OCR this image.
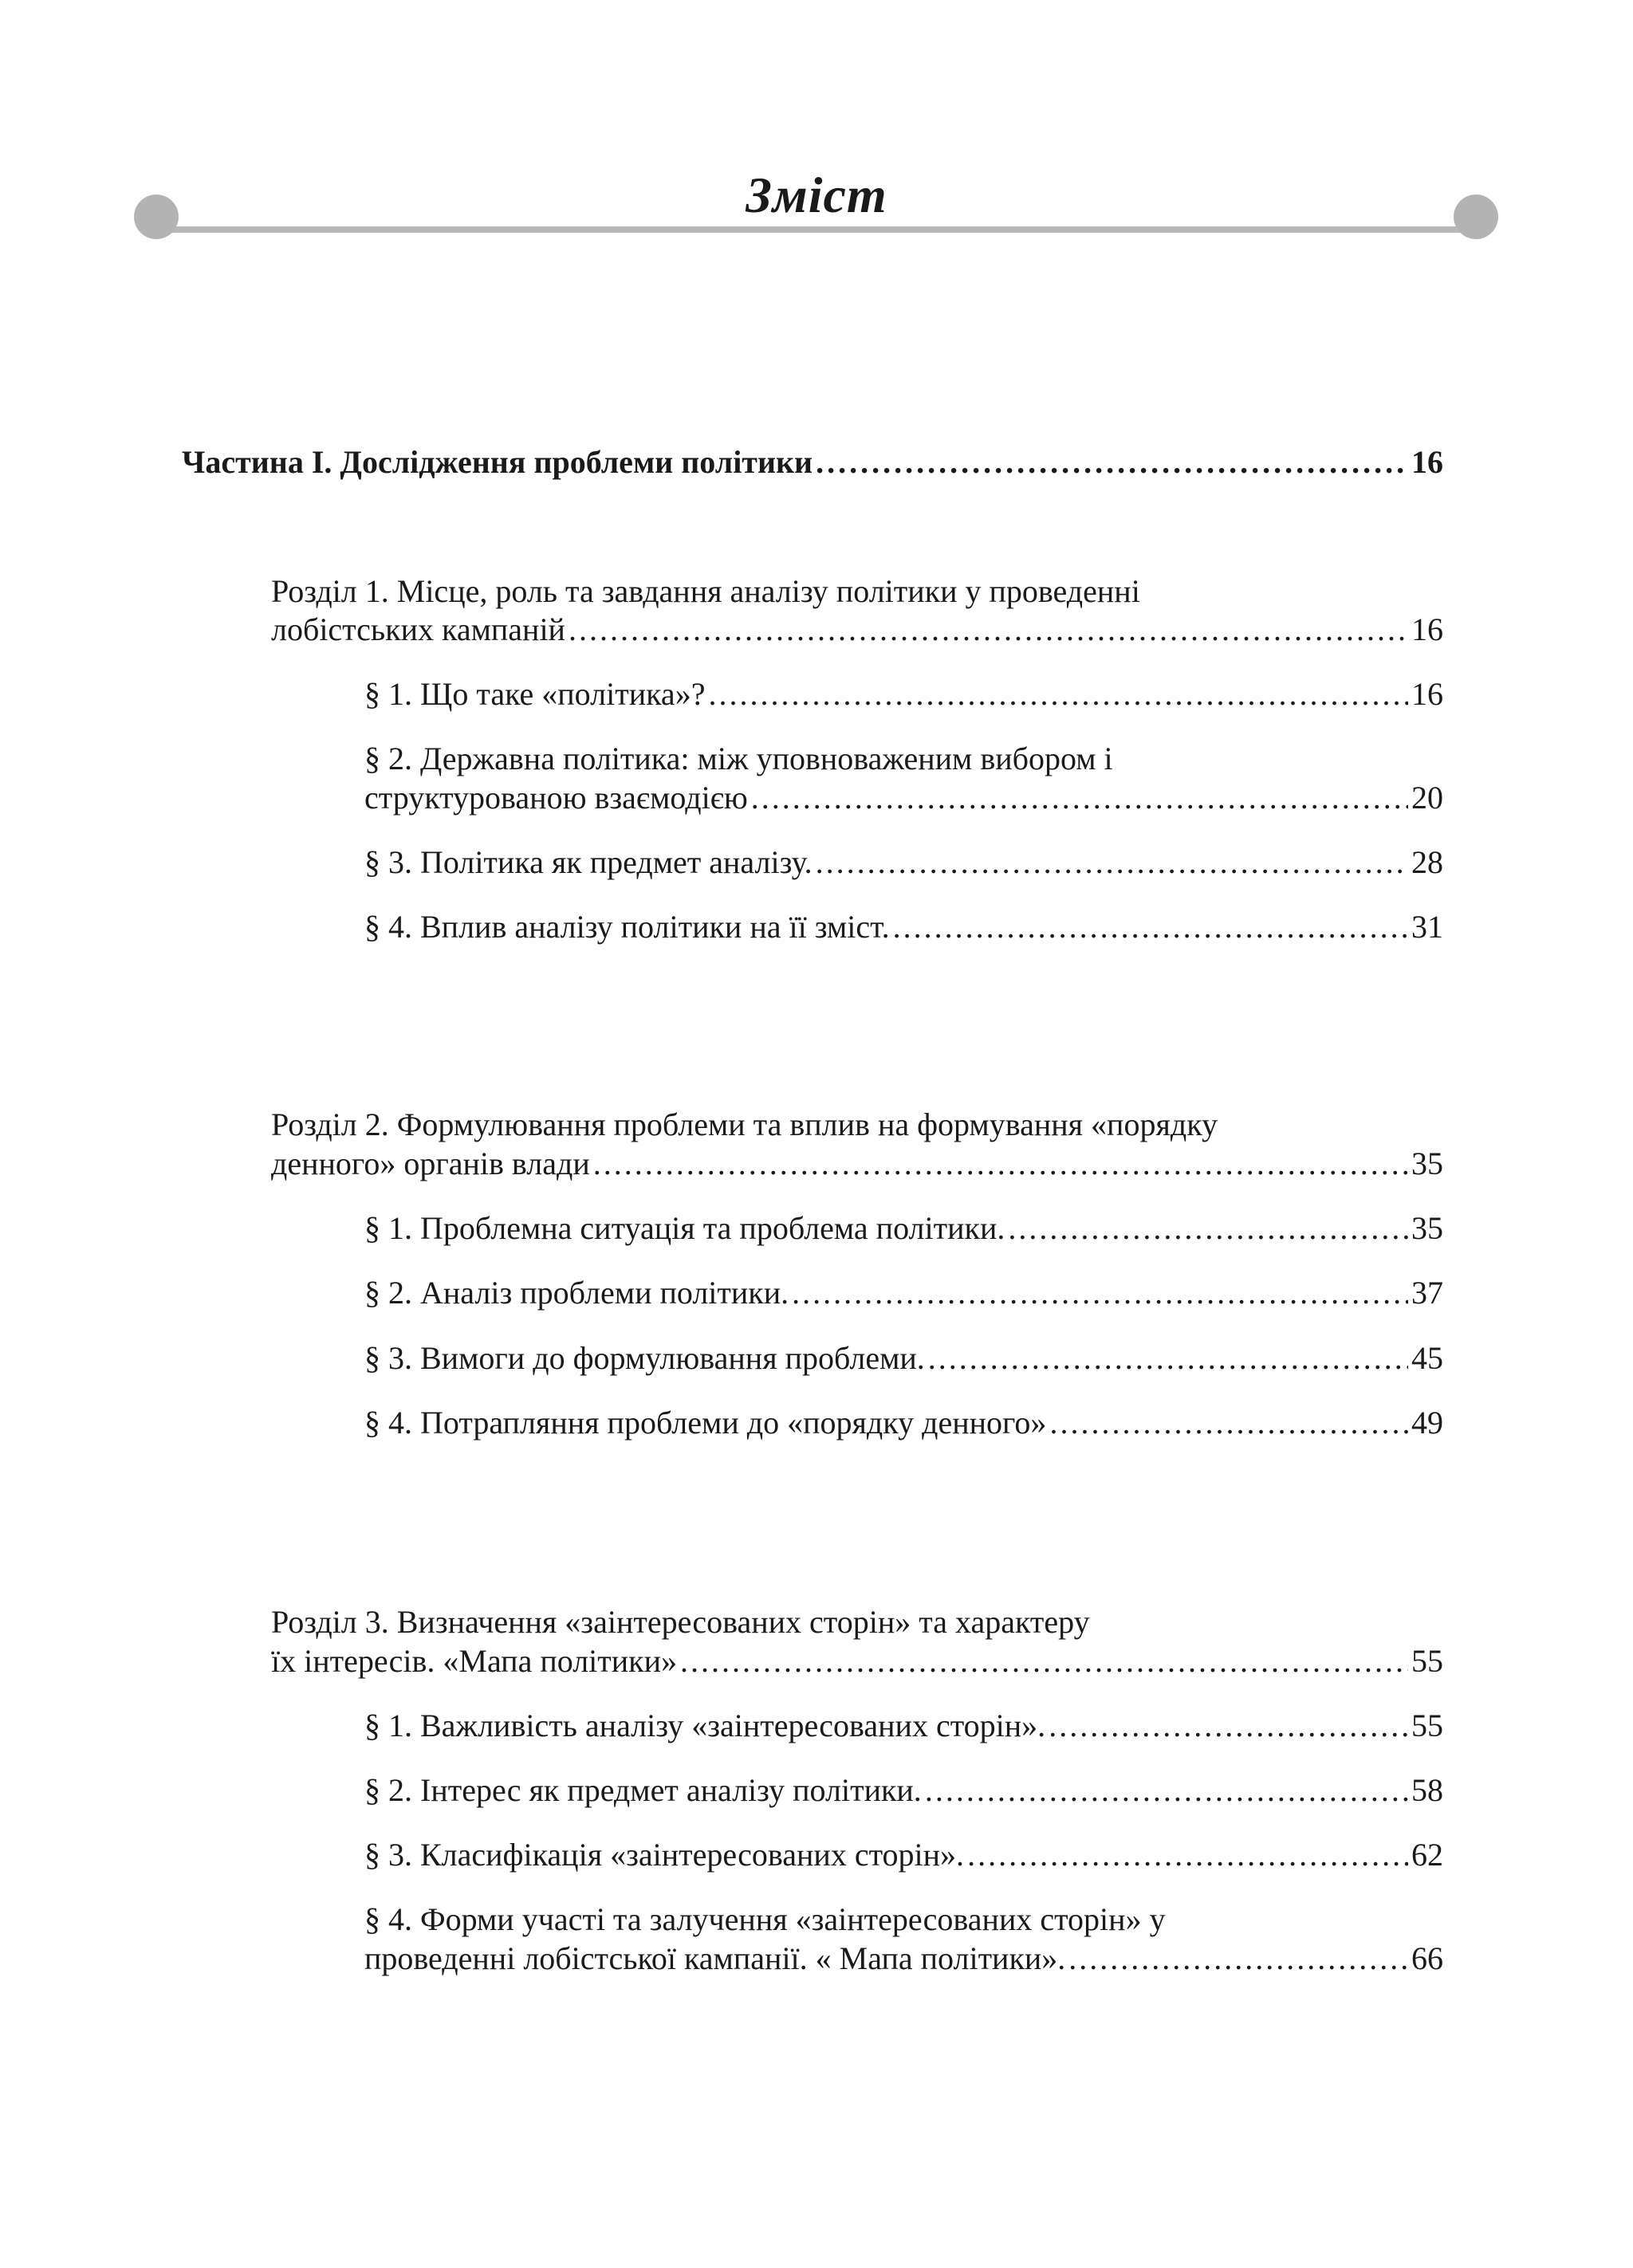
Зміст
Частина І. Дослідження проблеми політики .....	16
Розділ 1. Місце, роль та завдання аналізу політики у проведенні
лобістських кампаній .....	16
§ 1. Що таке «політика»? .....	16
§ 2. Державна політика: між уповноваженим вибором і
структурованою взаємодією .....	20
§ 3. Політика як предмет аналізу. .....	28
§ 4. Вплив аналізу політики на її зміст. .....	31
Розділ 2. Формулювання проблеми та вплив на формування «порядку
денного» органів влади .....	35
§ 1. Проблемна ситуація та проблема політики. .....	35
§ 2. Аналіз проблеми політики. .....	37
§ 3. Вимоги до формулювання проблеми. .....	45
§ 4. Потрапляння проблеми до «порядку денного» .....	49
Розділ 3. Визначення «заінтересованих сторін» та характеру
їх інтересів. «Мапа політики» .....	55
§ 1. Важливість аналізу «заінтересованих сторін». .....	55
§ 2. Інтерес як предмет аналізу політики. .....	58
§ 3. Класифікація «заінтересованих сторін». .....	62
§ 4. Форми участі та залучення «заінтересованих сторін» у
проведенні лобістської кампанії. « Мапа політики». .....	66
